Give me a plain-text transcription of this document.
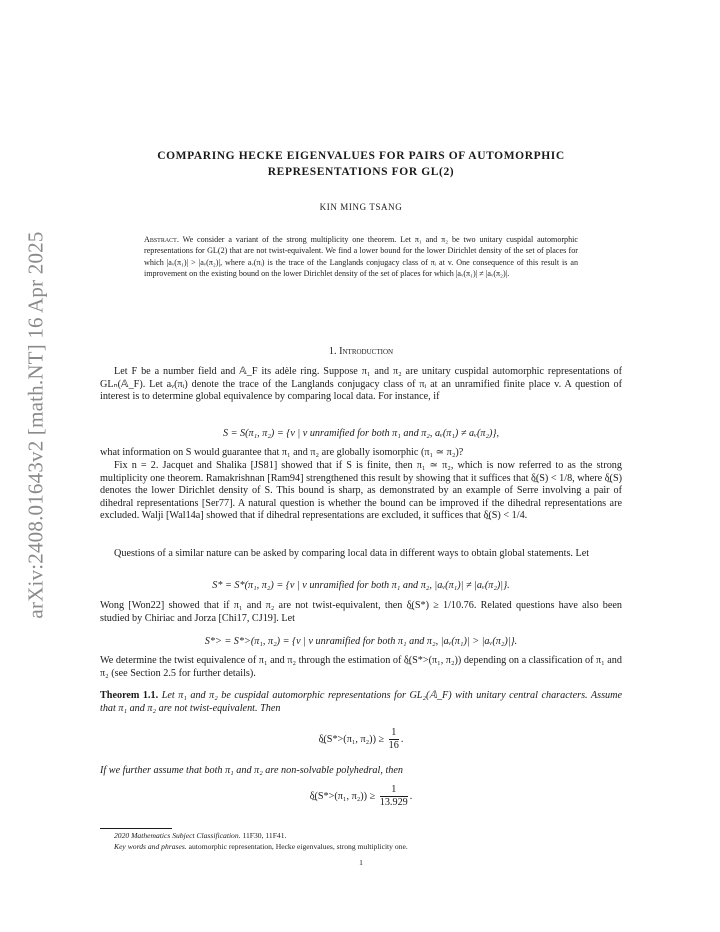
arXiv:2408.01643v2 [math.NT] 16 Apr 2025
COMPARING HECKE EIGENVALUES FOR PAIRS OF AUTOMORPHIC REPRESENTATIONS FOR GL(2)
KIN MING TSANG
Abstract. We consider a variant of the strong multiplicity one theorem. Let π₁ and π₂ be two unitary cuspidal automorphic representations for GL(2) that are not twist-equivalent. We find a lower bound for the lower Dirichlet density of the set of places for which |aᵥ(π₁)| > |aᵥ(π₂)|, where aᵥ(πᵢ) is the trace of the Langlands conjugacy class of πᵢ at v. One consequence of this result is an improvement on the existing bound on the lower Dirichlet density of the set of places for which |aᵥ(π₁)| ≠ |aᵥ(π₂)|.
1. Introduction
Let F be a number field and 𝔸_F its adèle ring. Suppose π₁ and π₂ are unitary cuspidal automorphic representations of GLₙ(𝔸_F). Let aᵥ(πᵢ) denote the trace of the Langlands conjugacy class of πᵢ at an unramified finite place v. A question of interest is to determine global equivalence by comparing local data. For instance, if
S = S(π₁, π₂) = {v | v unramified for both π₁ and π₂, aᵥ(π₁) ≠ aᵥ(π₂)},
what information on S would guarantee that π₁ and π₂ are globally isomorphic (π₁ ≃ π₂)?
Fix n = 2. Jacquet and Shalika [JS81] showed that if S is finite, then π₁ ≃ π₂, which is now referred to as the strong multiplicity one theorem. Ramakrishnan [Ram94] strengthened this result by showing that it suffices that δ̲(S) < 1/8, where δ̲(S) denotes the lower Dirichlet density of S. This bound is sharp, as demonstrated by an example of Serre involving a pair of dihedral representations [Ser77]. A natural question is whether the bound can be improved if the dihedral representations are excluded. Walji [Wal14a] showed that if dihedral representations are excluded, it suffices that δ̲(S) < 1/4.
Questions of a similar nature can be asked by comparing local data in different ways to obtain global statements. Let
S* = S*(π₁, π₂) = {v | v unramified for both π₁ and π₂, |aᵥ(π₁)| ≠ |aᵥ(π₂)|}.
Wong [Won22] showed that if π₁ and π₂ are not twist-equivalent, then δ̲(S*) ≥ 1/10.76. Related questions have also been studied by Chiriac and Jorza [Chi17, CJ19]. Let
S*> = S*>(π₁, π₂) = {v | v unramified for both π₁ and π₂, |aᵥ(π₁)| > |aᵥ(π₂)|}.
We determine the twist equivalence of π₁ and π₂ through the estimation of δ̲(S*>(π₁, π₂)) depending on a classification of π₁ and π₂ (see Section 2.5 for further details).
Theorem 1.1. Let π₁ and π₂ be cuspidal automorphic representations for GL₂(𝔸_F) with unitary central characters. Assume that π₁ and π₂ are not twist-equivalent. Then
δ̲(S*>(π₁, $\pi_2)) \ge \frac{1}{16}$ .
If we further assume that both π₁ and π₂ are non-solvable polyhedral, then
δ̲(S*>(π₁, $\pi_2)) \ge \frac{1}{13.929}$ .
2020 Mathematics Subject Classification. 11F30, 11F41.
Key words and phrases. automorphic representation, Hecke eigenvalues, strong multiplicity one.
1
